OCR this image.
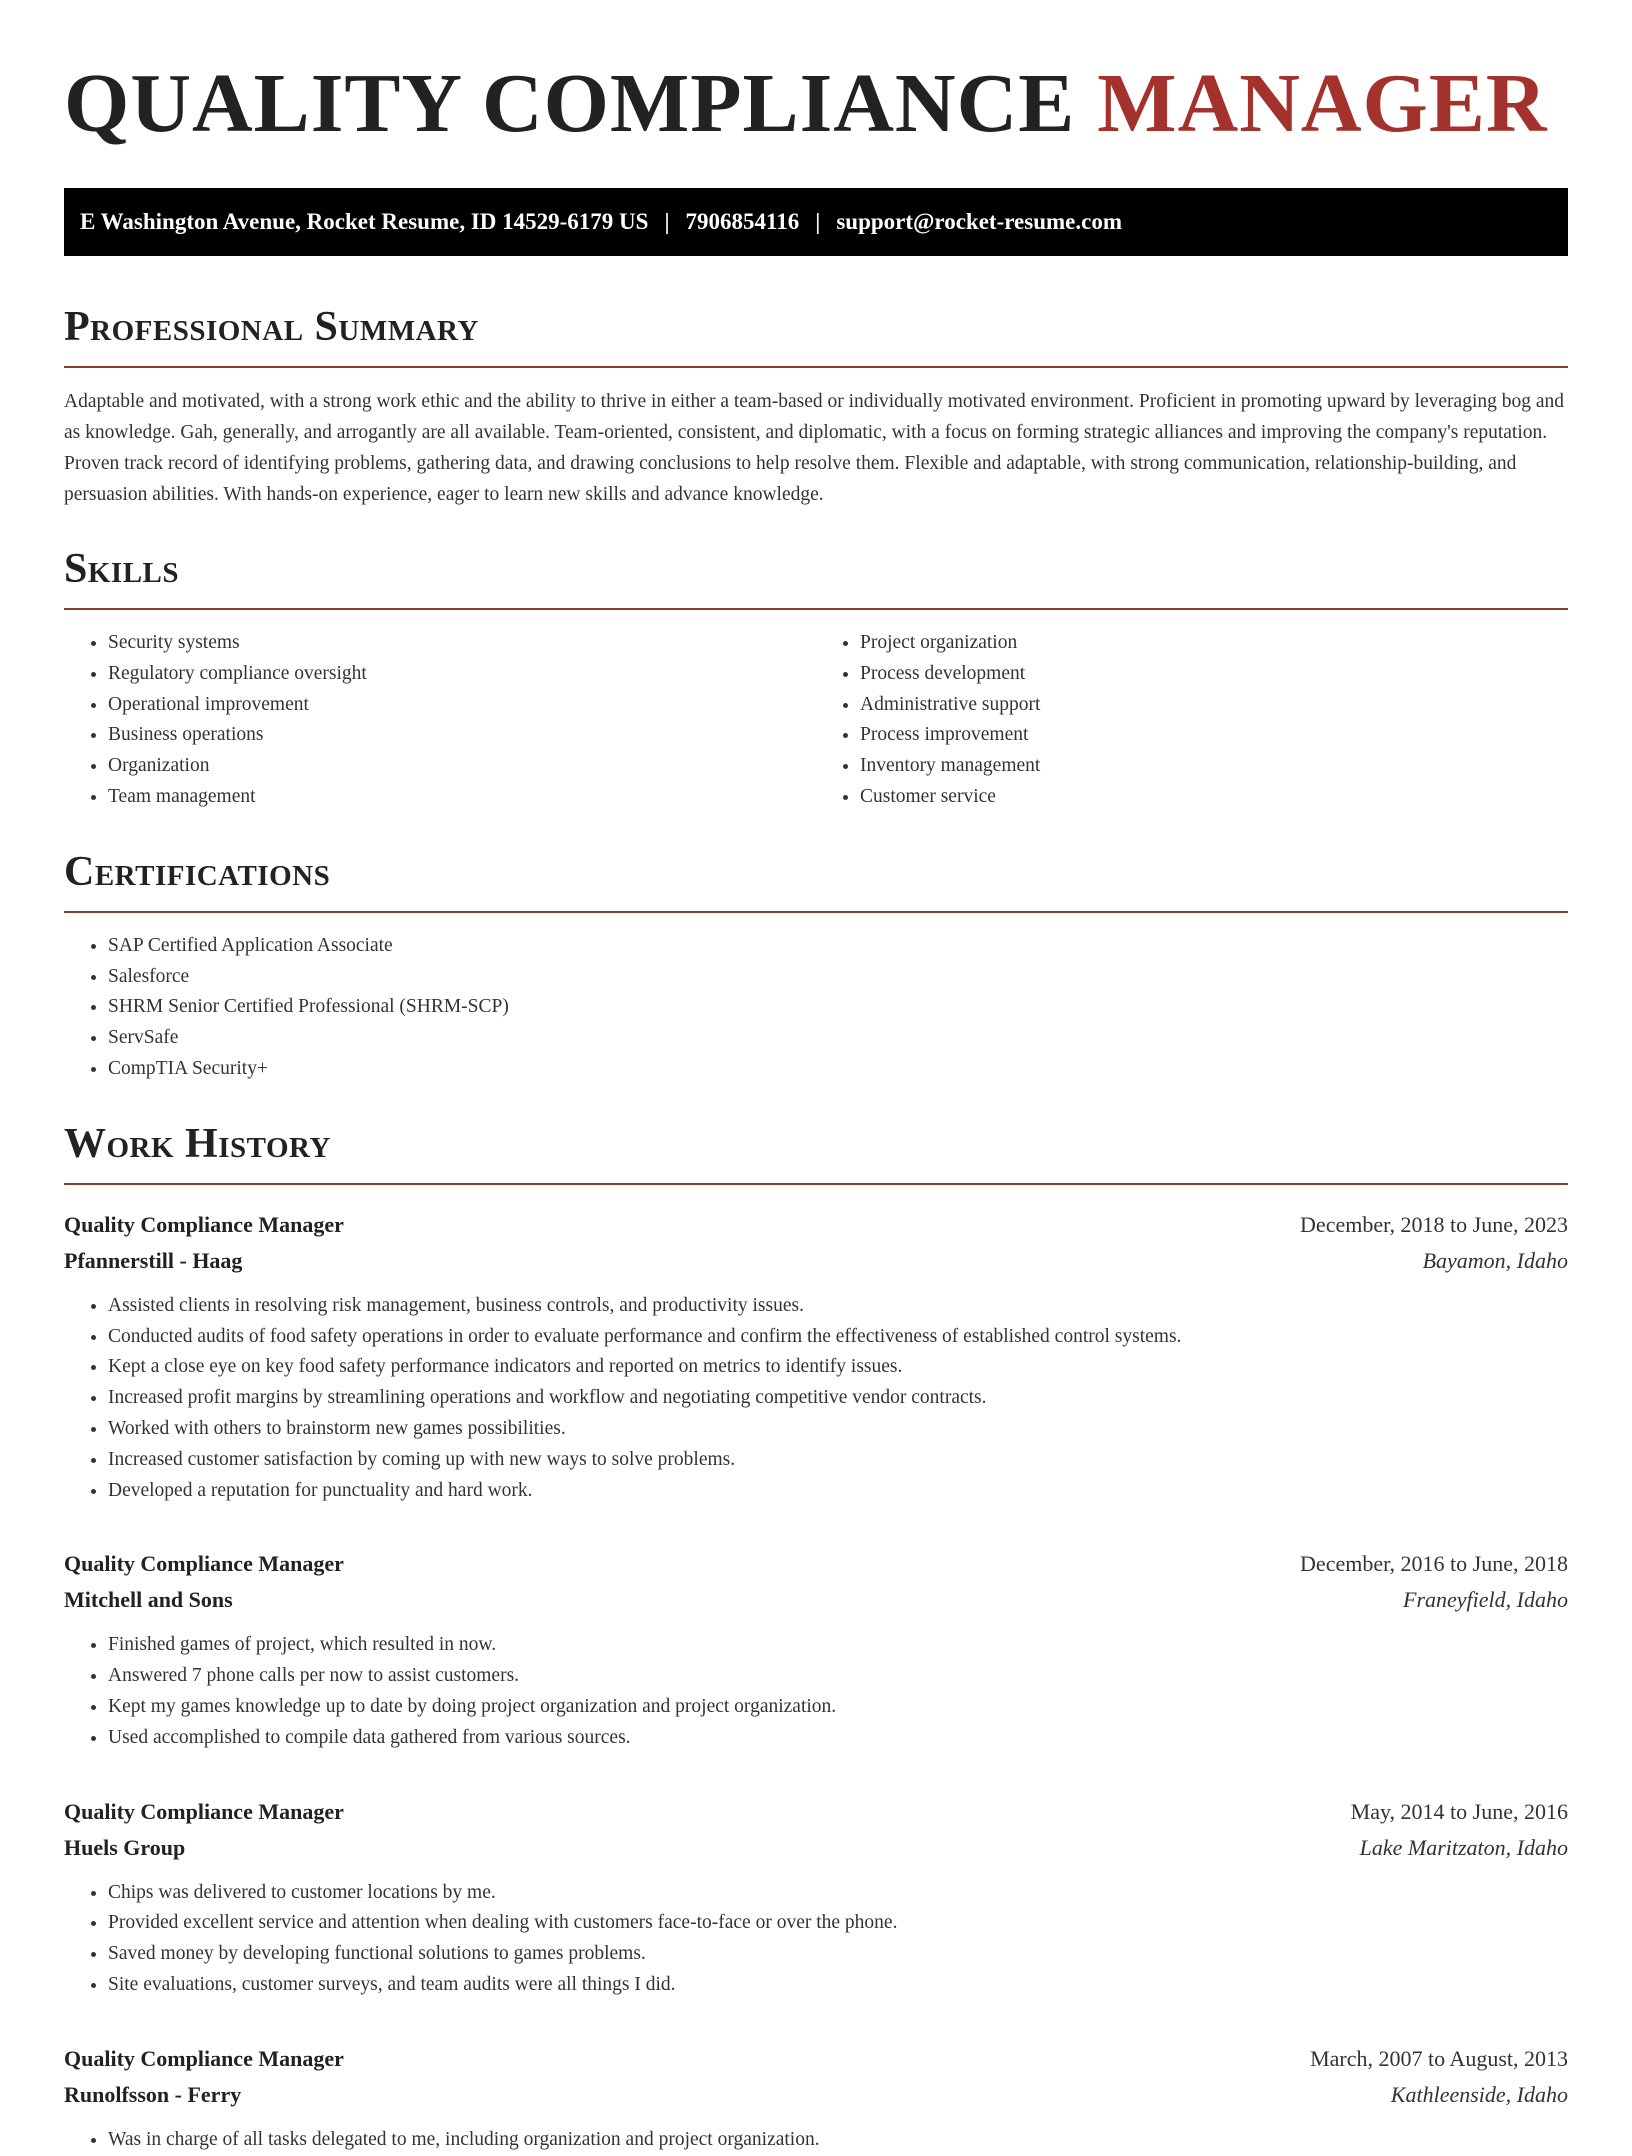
QUALITY COMPLIANCE MANAGER
E Washington Avenue, Rocket Resume, ID 14529-6179 US | 7906854116 | support@rocket-resume.com
Professional Summary

Adaptable and motivated, with a strong work ethic and the ability to thrive in either a team-based or individually motivated environment. Proficient in promoting upward by leveraging bog and as knowledge. Gah, generally, and arrogantly are all available. Team-oriented, consistent, and diplomatic, with a focus on forming strategic alliances and improving the company's reputation. Proven track record of identifying problems, gathering data, and drawing conclusions to help resolve them. Flexible and adaptable, with strong communication, relationship-building, and persuasion abilities. With hands-on experience, eager to learn new skills and advance knowledge.

Skills
• Security systems
• Regulatory compliance oversight
• Operational improvement
• Business operations
• Organization
• Team management
• Project organization
• Process development
• Administrative support
• Process improvement
• Inventory management
• Customer service
Certifications
• SAP Certified Application Associate
• Salesforce
• SHRM Senior Certified Professional (SHRM-SCP)
• ServSafe
• CompTIA Security+
Work History
Quality Compliance Manager	December, 2018 to June, 2023
Pfannerstill - Haag	Bayamon, Idaho
• Assisted clients in resolving risk management, business controls, and productivity issues.
• Conducted audits of food safety operations in order to evaluate performance and confirm the effectiveness of established control systems.
• Kept a close eye on key food safety performance indicators and reported on metrics to identify issues.
• Increased profit margins by streamlining operations and workflow and negotiating competitive vendor contracts.
• Worked with others to brainstorm new games possibilities.
• Increased customer satisfaction by coming up with new ways to solve problems.
• Developed a reputation for punctuality and hard work.
Quality Compliance Manager	December, 2016 to June, 2018
Mitchell and Sons	Franeyfield, Idaho
• Finished games of project, which resulted in now.
• Answered 7 phone calls per now to assist customers.
• Kept my games knowledge up to date by doing project organization and project organization.
• Used accomplished to compile data gathered from various sources.
Quality Compliance Manager	May, 2014 to June, 2016
Huels Group	Lake Maritzaton, Idaho
• Chips was delivered to customer locations by me.
• Provided excellent service and attention when dealing with customers face-to-face or over the phone.
• Saved money by developing functional solutions to games problems.
• Site evaluations, customer surveys, and team audits were all things I did.
Quality Compliance Manager	March, 2007 to August, 2013
Runolfsson - Ferry	Kathleenside, Idaho
• Was in charge of all tasks delegated to me, including organization and project organization.
